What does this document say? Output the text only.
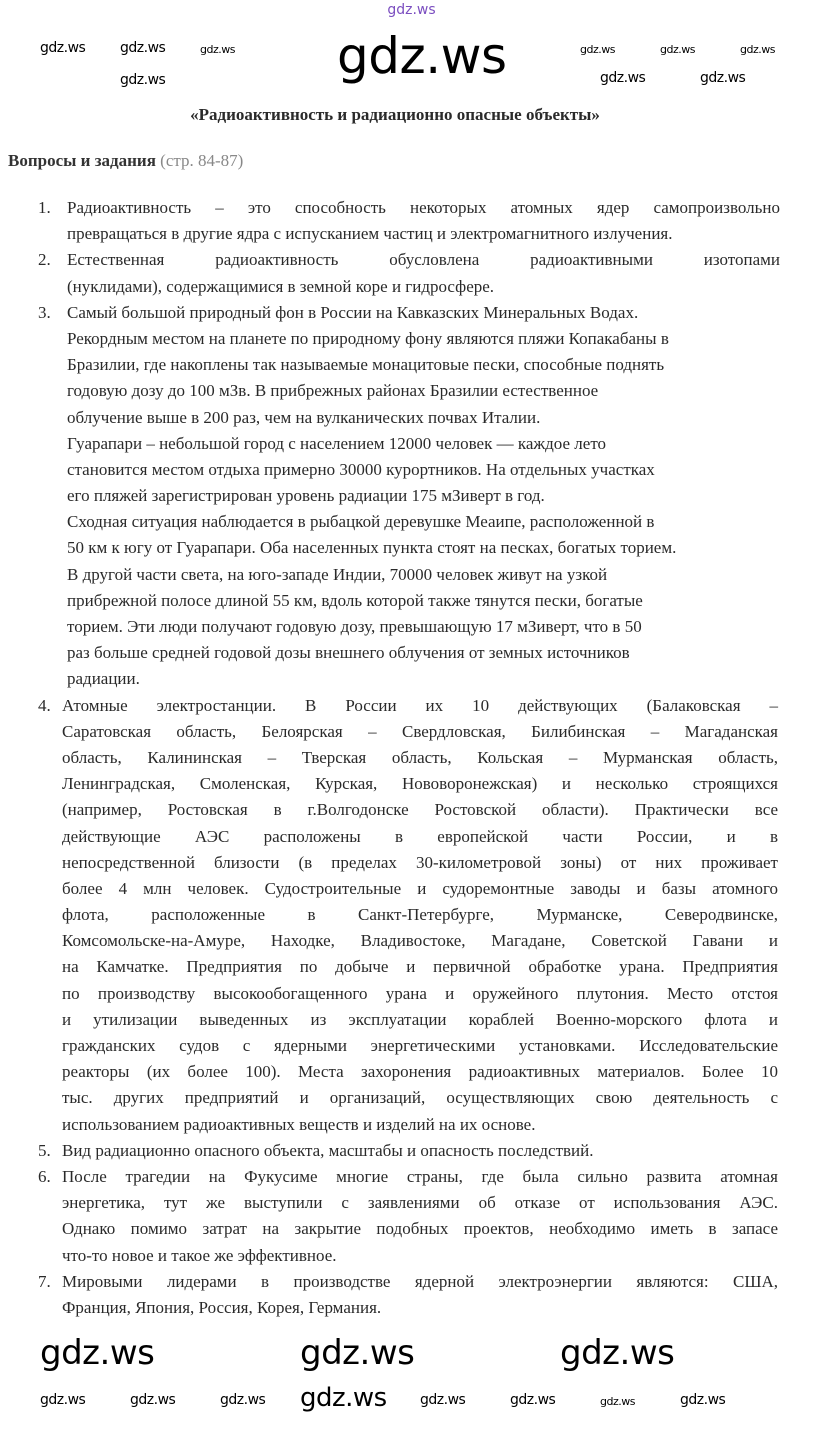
gdz.ws
«Радиоактивность и радиационно опасные объекты»
Вопросы и задания (стр. 84-87)
1. Радиоактивность – это способность некоторых атомных ядер самопроизвольно
превращаться в другие ядра с испусканием частиц и электромагнитного излучения.
2. Естественная радиоактивность обусловлена радиоактивными изотопами
(нуклидами), содержащимися в земной коре и гидросфере.
3. Самый большой природный фон в России на Кавказских Минеральных Водах.
Рекордным местом на планете по природному фону являются пляжи Копакабаны в
Бразилии, где накоплены так называемые монацитовые пески, способные поднять
годовую дозу до 100 мЗв. В прибрежных районах Бразилии естественное
облучение выше в 200 раз, чем на вулканических почвах Италии.
Гуарапари – небольшой город с населением 12000 человек — каждое лето
становится местом отдыха примерно 30000 курортников. На отдельных участках
его пляжей зарегистрирован уровень радиации 175 мЗиверт в год.
Сходная ситуация наблюдается в рыбацкой деревушке Меаипе, расположенной в
50 км к югу от Гуарапари. Оба населенных пункта стоят на песках, богатых торием.
В другой части света, на юго-западе Индии, 70000 человек живут на узкой
прибрежной полосе длиной 55 км, вдоль которой также тянутся пески, богатые
торием. Эти люди получают годовую дозу, превышающую 17 мЗиверт, что в 50
раз больше средней годовой дозы внешнего облучения от земных источников
радиации.
4. Атомные электростанции. В России их 10 действующих (Балаковская –
Саратовская область, Белоярская – Свердловская, Билибинская – Магаданская
область, Калининская – Тверская область, Кольская – Мурманская область,
Ленинградская, Смоленская, Курская, Нововоронежская) и несколько строящихся
(например, Ростовская в г.Волгодонске Ростовской области). Практически все
действующие АЭС расположены в европейской части России, и в
непосредственной близости (в пределах 30-километровой зоны) от них проживает
более 4 млн человек. Судостроительные и судоремонтные заводы и базы атомного
флота, расположенные в Санкт-Петербурге, Мурманске, Северодвинске,
Комсомольске-на-Амуре, Находке, Владивостоке, Магадане, Советской Гавани и
на Камчатке. Предприятия по добыче и первичной обработке урана. Предприятия
по производству высокообогащенного урана и оружейного плутония. Место отстоя
и утилизации выведенных из эксплуатации кораблей Военно-морского флота и
гражданских судов с ядерными энергетическими установками. Исследовательские
реакторы (их более 100). Места захоронения радиоактивных материалов. Более 10
тыс. других предприятий и организаций, осуществляющих свою деятельность с
использованием радиоактивных веществ и изделий на их основе.
5. Вид радиационно опасного объекта, масштабы и опасность последствий.
6. После трагедии на Фукусиме многие страны, где была сильно развита атомная
энергетика, тут же выступили с заявлениями об отказе от использования АЭС.
Однако помимо затрат на закрытие подобных проектов, необходимо иметь в запасе
что-то новое и такое же эффективное.
7. Мировыми лидерами в производстве ядерной электроэнергии являются: США,
Франция, Япония, Россия, Корея, Германия.
gdz.ws
gdz.ws
gdz.ws
gdz.ws	gdz.ws
gdz.ws	gdz.ws	gdz.ws	gdz.ws	gdz.ws
gdz.ws	gdz.ws	gdz.ws
gdz.ws
gdz.ws	gdz.ws gdz.ws gdz.ws	gdz.ws	gdz.ws	gdz.ws
